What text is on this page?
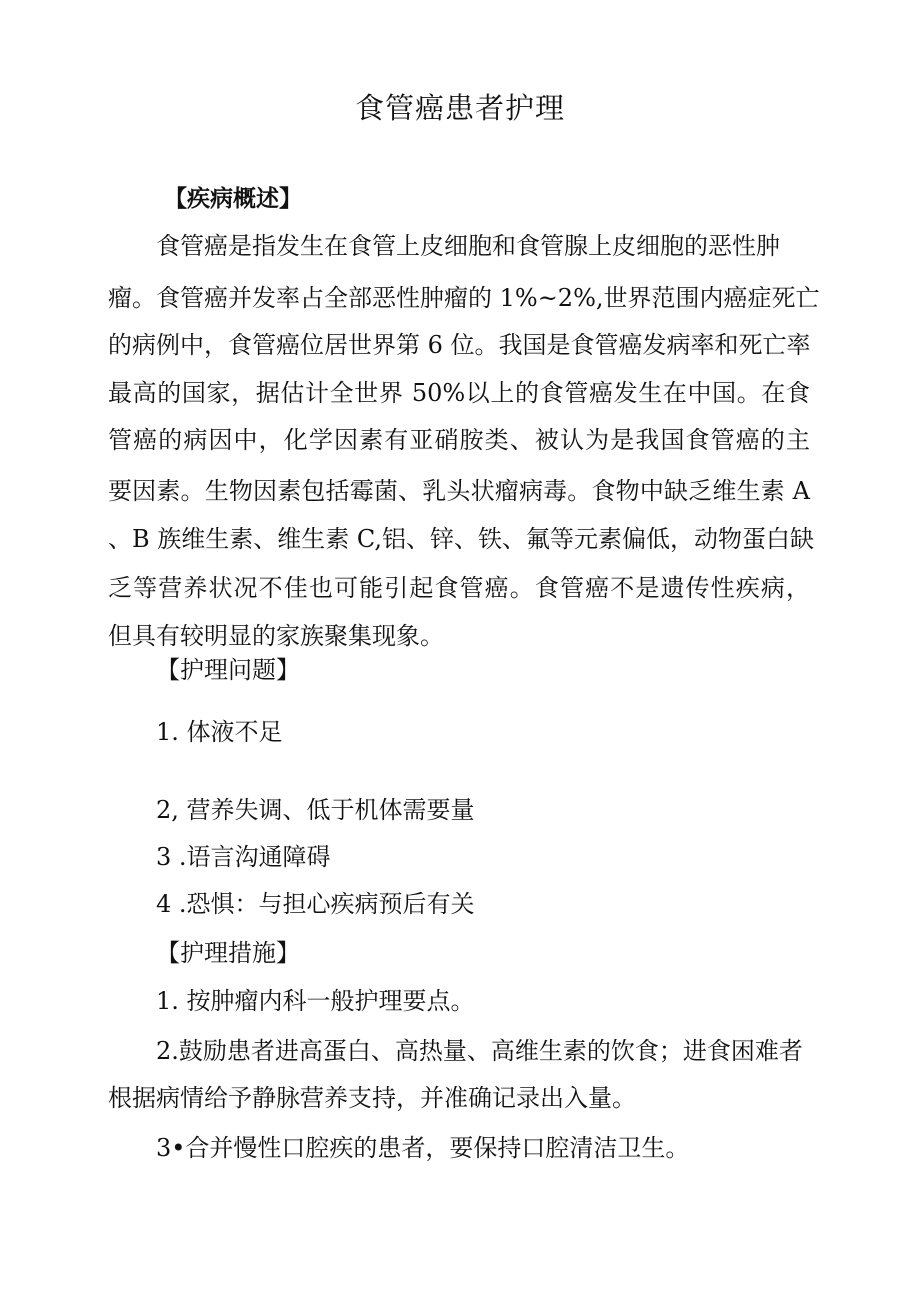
食管癌患者护理
【疾病概述】
食管癌是指发生在食管上皮细胞和食管腺上皮细胞的恶性肿
瘤。食管癌并发率占全部恶性肿瘤的 1%~2%,世界范围内癌症死亡
的病例中，食管癌位居世界第 6 位。我国是食管癌发病率和死亡率
最高的国家，据估计全世界 50%以上的食管癌发生在中国。在食
管癌的病因中，化学因素有亚硝胺类、被认为是我国食管癌的主
要因素。生物因素包括霉菌、乳头状瘤病毒。食物中缺乏维生素 A
、B 族维生素、维生素 C,铝、锌、铁、氟等元素偏低，动物蛋白缺
乏等营养状况不佳也可能引起食管癌。食管癌不是遗传性疾病，
但具有较明显的家族聚集现象。
【护理问题】
1. 体液不足
2, 营养失调、低于机体需要量
3 .语言沟通障碍
4 .恐惧：与担心疾病预后有关
【护理措施】
1. 按肿瘤内科一般护理要点。
2.鼓励患者进高蛋白、高热量、高维生素的饮食；进食困难者
根据病情给予静脉营养支持，并准确记录出入量。
3•合并慢性口腔疾的患者，要保持口腔清洁卫生。
